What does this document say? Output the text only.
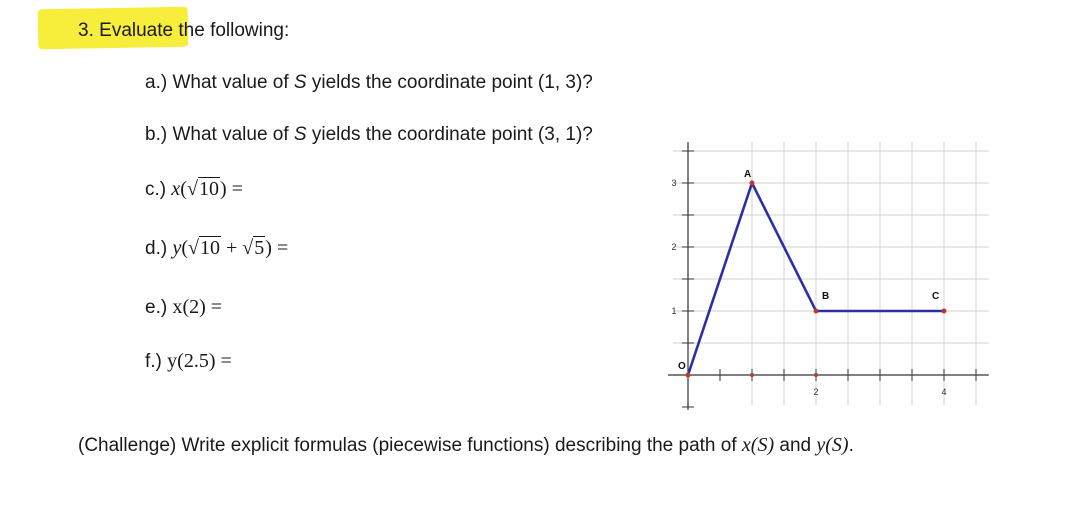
3. Evaluate the following:
a.) What value of S yields the coordinate point (1, 3)?
b.) What value of S yields the coordinate point (3, 1)?
c.) x(√10) =
d.) y(√10 + √5) =
e.) x(2) =
f.) y(2.5) =
(Challenge) Write explicit formulas (piecewise functions) describing the path of x(S) and y(S).
3
2
1
2	4
O
A
B	C
